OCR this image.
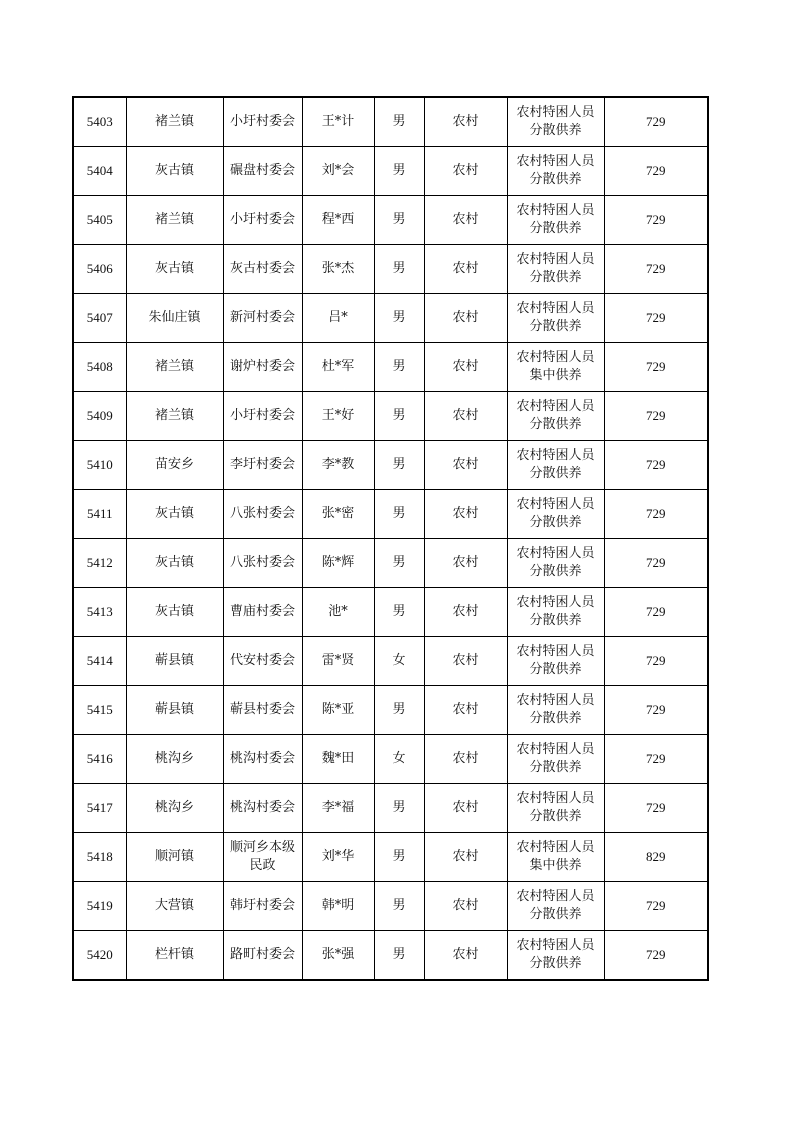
5403	褚兰镇	小圩村委会	王*计	男	农村	农村特困人员分散供养	729
5404	灰古镇	碾盘村委会	刘*会	男	农村	农村特困人员分散供养	729
5405	褚兰镇	小圩村委会	程*西	男	农村	农村特困人员分散供养	729
5406	灰古镇	灰古村委会	张*杰	男	农村	农村特困人员分散供养	729
5407	朱仙庄镇	新河村委会	吕*	男	农村	农村特困人员分散供养	729
5408	褚兰镇	谢炉村委会	杜*军	男	农村	农村特困人员集中供养	729
5409	褚兰镇	小圩村委会	王*好	男	农村	农村特困人员分散供养	729
5410	苗安乡	李圩村委会	李*教	男	农村	农村特困人员分散供养	729
5411	灰古镇	八张村委会	张*密	男	农村	农村特困人员分散供养	729
5412	灰古镇	八张村委会	陈*辉	男	农村	农村特困人员分散供养	729
5413	灰古镇	曹庙村委会	池*	男	农村	农村特困人员分散供养	729
5414	蕲县镇	代安村委会	雷*贤	女	农村	农村特困人员分散供养	729
5415	蕲县镇	蕲县村委会	陈*亚	男	农村	农村特困人员分散供养	729
5416	桃沟乡	桃沟村委会	魏*田	女	农村	农村特困人员分散供养	729
5417	桃沟乡	桃沟村委会	李*福	男	农村	农村特困人员分散供养	729
5418	顺河镇	顺河乡本级民政	刘*华	男	农村	农村特困人员集中供养	829
5419	大营镇	韩圩村委会	韩*明	男	农村	农村特困人员分散供养	729
5420	栏杆镇	路町村委会	张*强	男	农村	农村特困人员分散供养	729
